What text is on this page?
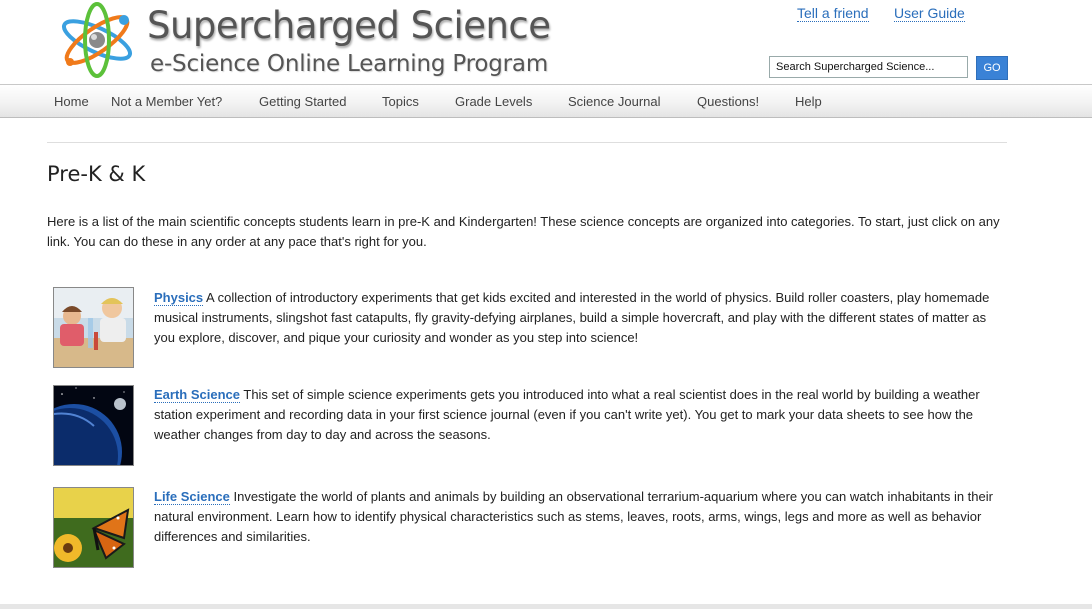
Supercharged Science
e-Science Online Learning Program
Tell a friend User Guide
Search Supercharged Science...
GO
Home Not a Member Yet?	Getting Started	Topics	Grade Levels	Science Journal	Questions!	Help
Pre-K & K

Here is a list of the main scientific concepts students learn in pre-K and Kindergarten! These science concepts are organized into categories. To start, just click on any link. You can do these in any order at any pace that's right for you.

Physics A collection of introductory experiments that get kids excited and interested in the world of physics. Build roller coasters, play homemade musical instruments, slingshot fast catapults, fly gravity-defying airplanes, build a simple hovercraft, and play with the different states of matter as you explore, discover, and pique your curiosity and wonder as you step into science!
Earth Science This set of simple science experiments gets you introduced into what a real scientist does in the real world by building a weather station experiment and recording data in your first science journal (even if you can't write yet). You get to mark your data sheets to see how the weather changes from day to day and across the seasons.
Life Science Investigate the world of plants and animals by building an observational terrarium-aquarium where you can watch inhabitants in their natural environment. Learn how to identify physical characteristics such as stems, leaves, roots, arms, wings, legs and more as well as behavior differences and similarities.
